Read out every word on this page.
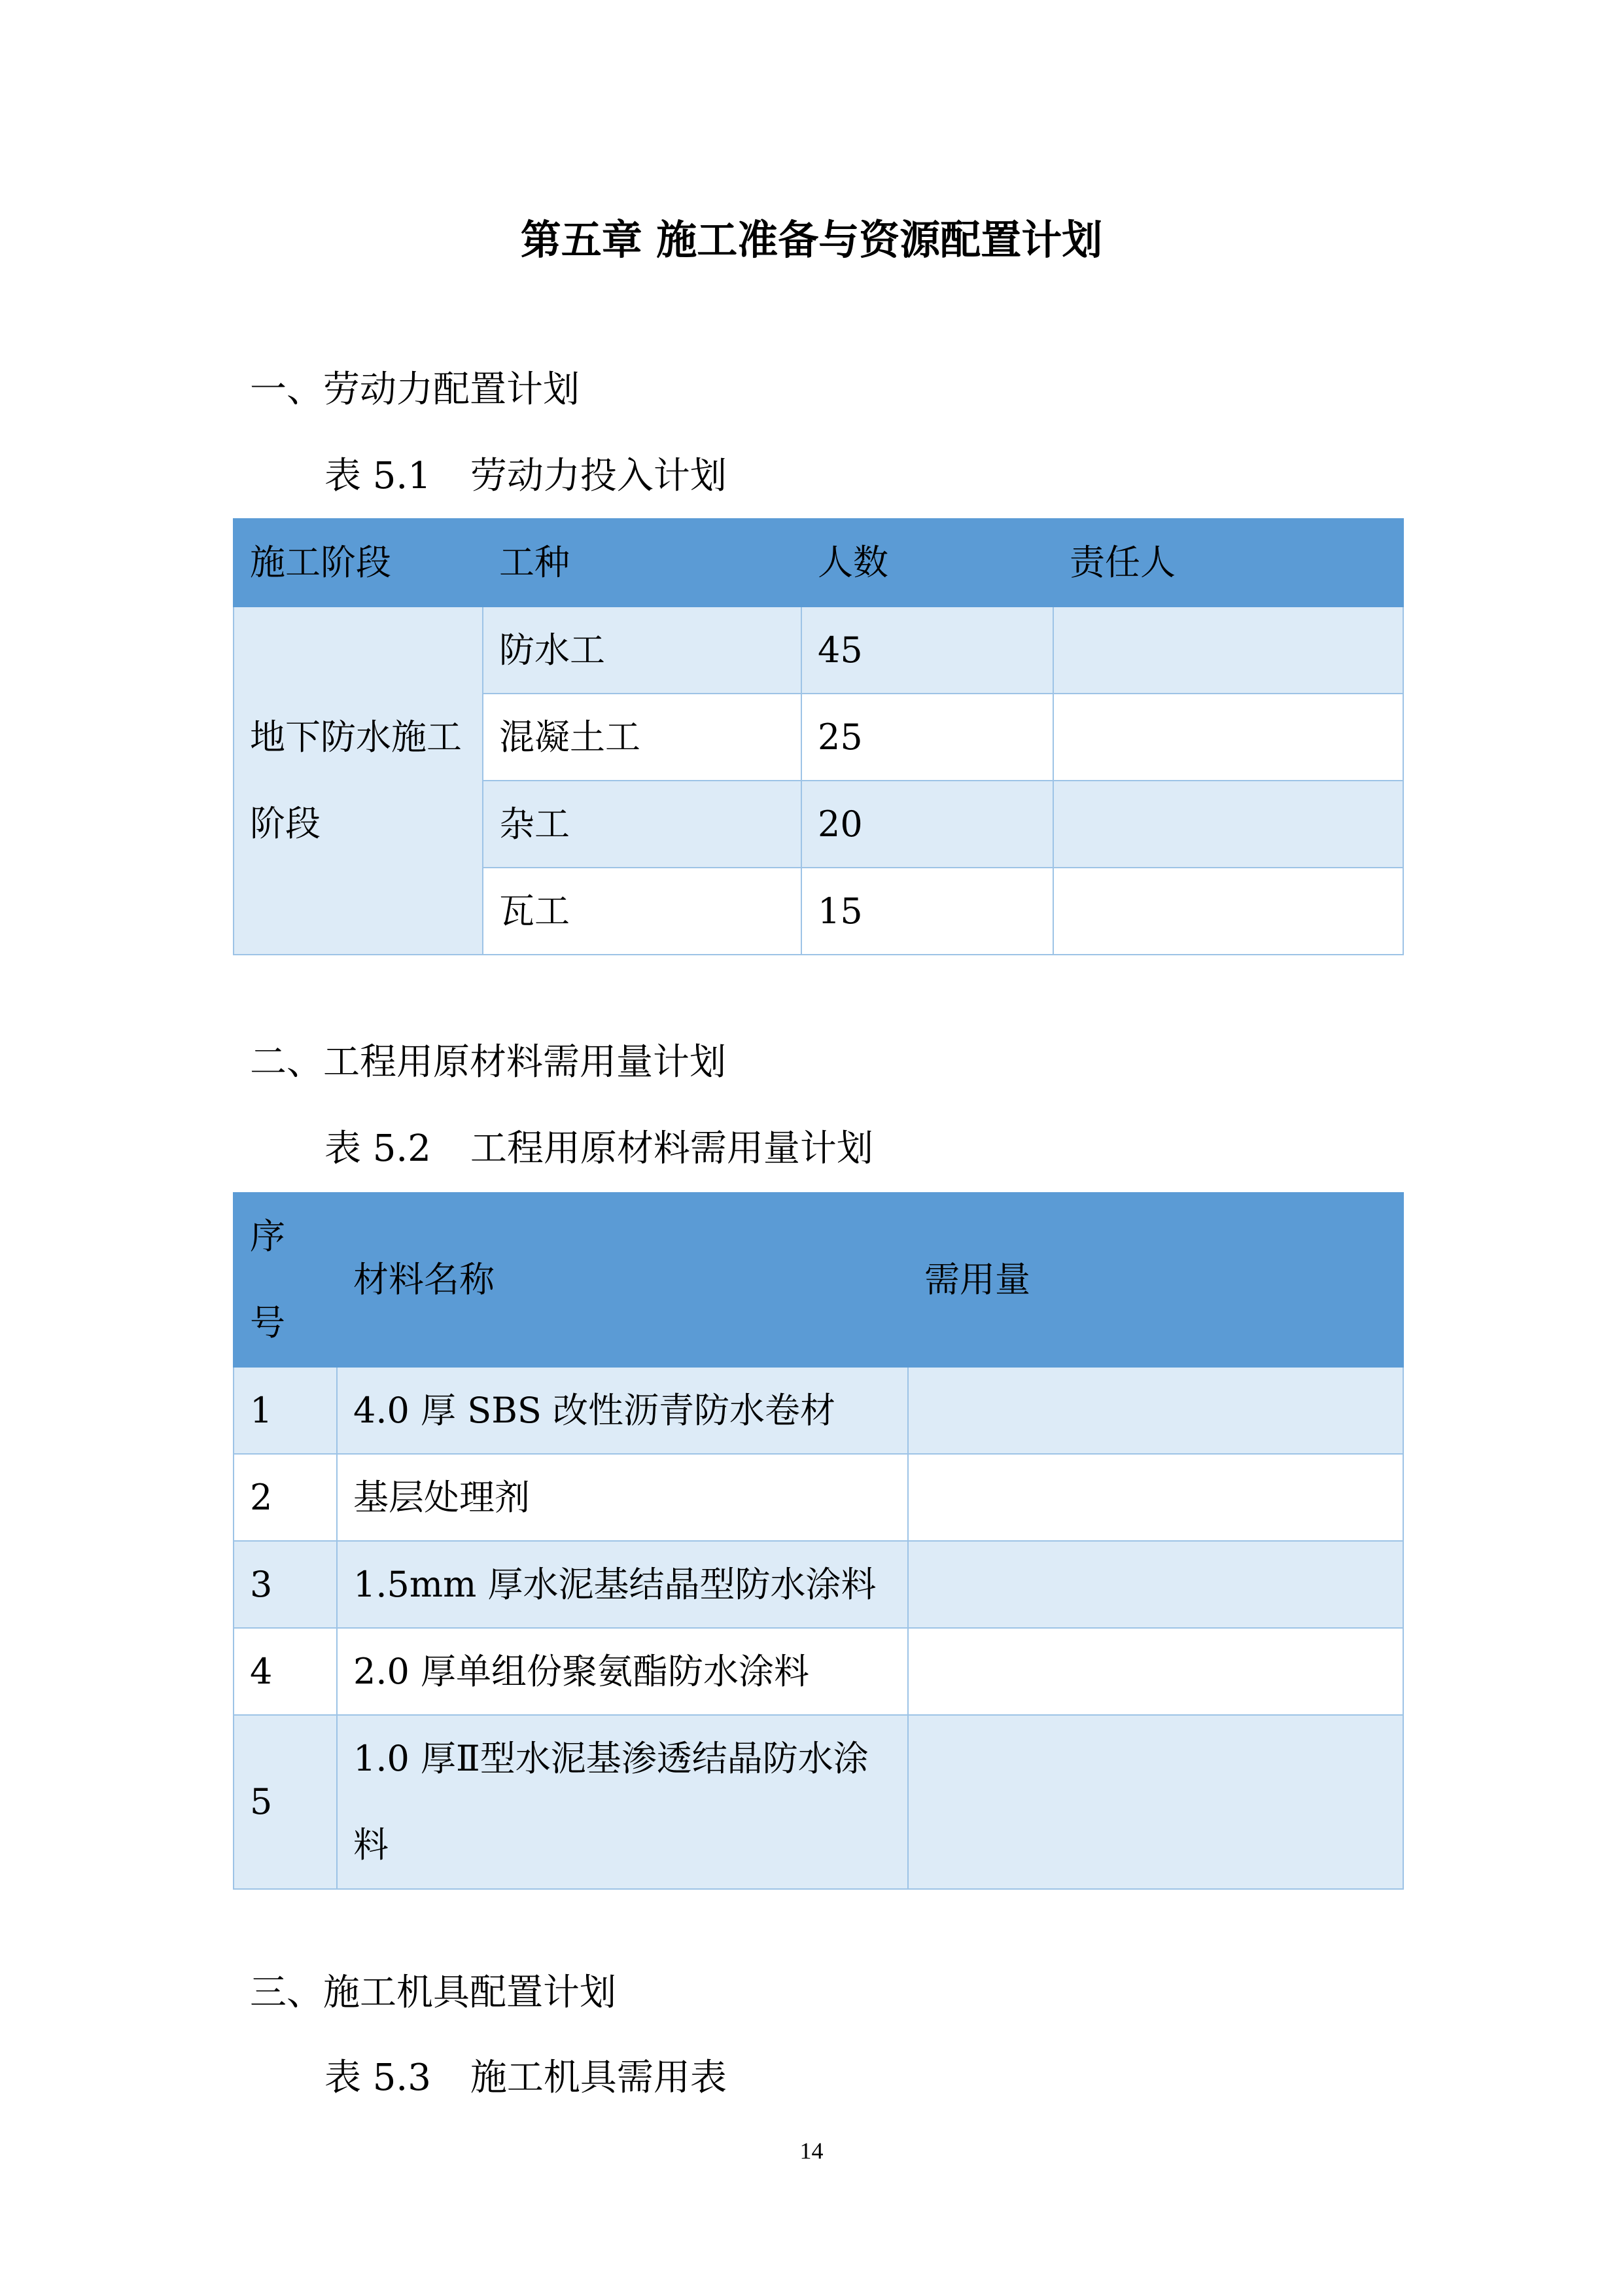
第五章 施工准备与资源配置计划
一、劳动力配置计划
表 5.1 劳动力投入计划
施工阶段	工种	人数	责任人
地下防水施工阶段	防水工	45	
	混凝土工	25	
	杂工	20	
	瓦工	15	
二、工程用原材料需用量计划
表 5.2 工程用原材料需用量计划
序号	材料名称	需用量
1	4.0 厚 SBS 改性沥青防水卷材	
2	基层处理剂	
3	1.5mm 厚水泥基结晶型防水涂料	
4	2.0 厚单组份聚氨酯防水涂料	
5	1.0 厚Ⅱ型水泥基渗透结晶防水涂料	
三、施工机具配置计划
表 5.3 施工机具需用表
14
